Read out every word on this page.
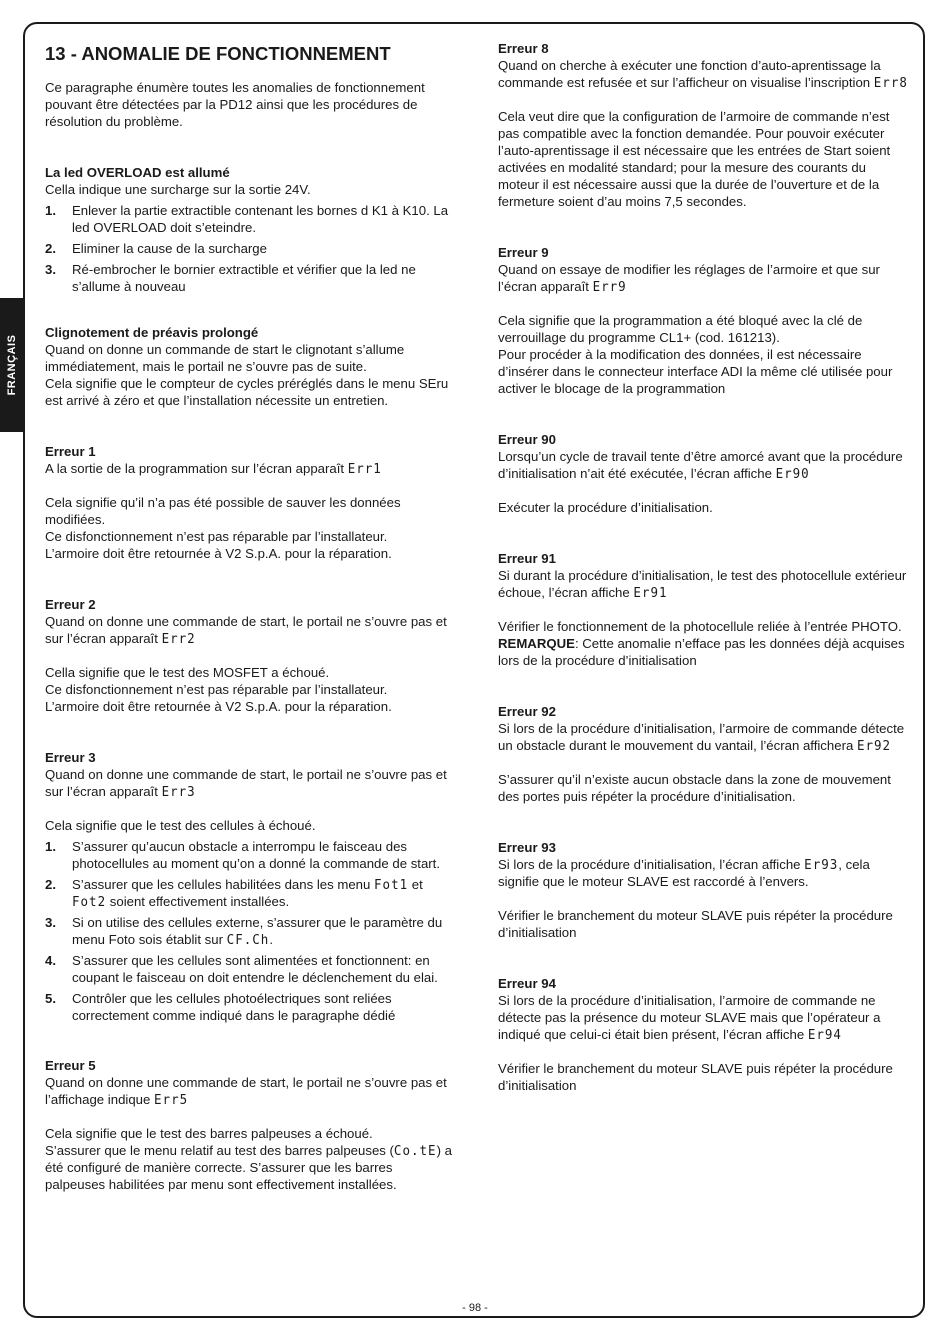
FRANÇAIS
13 - ANOMALIE DE FONCTIONNEMENT

Ce paragraphe énumère toutes les anomalies de fonctionnement pouvant être détectées par la PD12 ainsi que les procédures de résolution du problème.

La led OVERLOAD est allumé

Cella indique une surcharge sur la sortie 24V.

1. Enlever la partie extractible contenant les bornes d K1 à K10. La led OVERLOAD doit s’eteindre.
2. Eliminer la cause de la surcharge
3. Ré-embrocher le bornier extractible et vérifier que la led ne s’allume à nouveau

Clignotement de préavis prolongé

Quand on donne un commande de start le clignotant s’allume immédiatement, mais le portail ne s’ouvre pas de suite.

Cela signifie que le compteur de cycles préréglés dans le menu SEru est arrivé à zéro et que l’installation nécessite un entretien.

Erreur 1

A la sortie de la programmation sur l’écran apparaît Err1

Cela signifie qu’il n’a pas été possible de sauver les données modifiées.

Ce disfonctionnement n’est pas réparable par l’installateur.

L’armoire doit être retournée à V2 S.p.A. pour la réparation.

Erreur 2

Quand on donne une commande de start, le portail ne s’ouvre pas et sur l’écran apparaît Err2

Cella signifie que le test des MOSFET a échoué.

Ce disfonctionnement n’est pas réparable par l’installateur.

L’armoire doit être retournée à V2 S.p.A. pour la réparation.

Erreur 3

Quand on donne une commande de start, le portail ne s’ouvre pas et sur l’écran apparaît Err3

Cela signifie que le test des cellules à échoué.

1. S’assurer qu’aucun obstacle a interrompu le faisceau des photocellules au moment qu’on a donné la commande de start.
2. S’assurer que les cellules habilitées dans les menu Fot1 et Fot2 soient effectivement installées.
3. Si on utilise des cellules externe, s’assurer que le paramètre du menu Foto sois établit sur CF.Ch.
4. S’assurer que les cellules sont alimentées et fonctionnent: en coupant le faisceau on doit entendre le déclenchement du elai.
5. Contrôler que les cellules photoélectriques sont reliées correctement comme indiqué dans le paragraphe dédié

Erreur 5

Quand on donne une commande de start, le portail ne s’ouvre pas et l’affichage indique Err5

Cela signifie que le test des barres palpeuses a échoué.

S’assurer que le menu relatif au test des barres palpeuses (Co.tE) a été configuré de manière correcte. S’assurer que les barres palpeuses habilitées par menu sont effectivement installées.

Erreur 8

Quand on cherche à exécuter une fonction d’auto-aprentissage la commande est refusée et sur l’afficheur on visualise l’inscription Err8

Cela veut dire que la configuration de l’armoire de commande n’est pas compatible avec la fonction demandée. Pour pouvoir exécuter l’auto-aprentissage il est nécessaire que les entrées de Start soient activées en modalité standard; pour la mesure des courants du moteur il est nécessaire aussi que la durée de l’ouverture et de la fermeture soient d’au moins 7,5 secondes.

Erreur 9

Quand on essaye de modifier les réglages de l’armoire et que sur l’écran apparaît Err9

Cela signifie que la programmation a été bloqué avec la clé de verrouillage du programme CL1+ (cod. 161213).

Pour procéder à la modification des données, il est nécessaire d’insérer dans le connecteur interface ADI la même clé utilisée pour activer le blocage de la programmation

Erreur 90

Lorsqu’un cycle de travail tente d’être amorcé avant que la procédure d’initialisation n’ait été exécutée, l’écran affiche Er90

Exécuter la procédure d’initialisation.

Erreur 91

Si durant la procédure d’initialisation, le test des photocellule extérieur échoue, l’écran affiche Er91

Vérifier le fonctionnement de la photocellule reliée à l’entrée PHOTO.

REMARQUE: Cette anomalie n’efface pas les données déjà acquises lors de la procédure d’initialisation

Erreur 92

Si lors de la procédure d’initialisation, l’armoire de commande détecte un obstacle durant le mouvement du vantail, l’écran affichera Er92

S’assurer qu’il n’existe aucun obstacle dans la zone de mouvement des portes puis répéter la procédure d’initialisation.

Erreur 93

Si lors de la procédure d’initialisation, l’écran affiche Er93, cela signifie que le moteur SLAVE est raccordé à l’envers.

Vérifier le branchement du moteur SLAVE puis répéter la procédure d’initialisation

Erreur 94

Si lors de la procédure d’initialisation, l’armoire de commande ne détecte pas la présence du moteur SLAVE mais que l’opérateur a indiqué que celui-ci était bien présent, l’écran affiche Er94

Vérifier le branchement du moteur SLAVE puis répéter la procédure d’initialisation

- 98 -
